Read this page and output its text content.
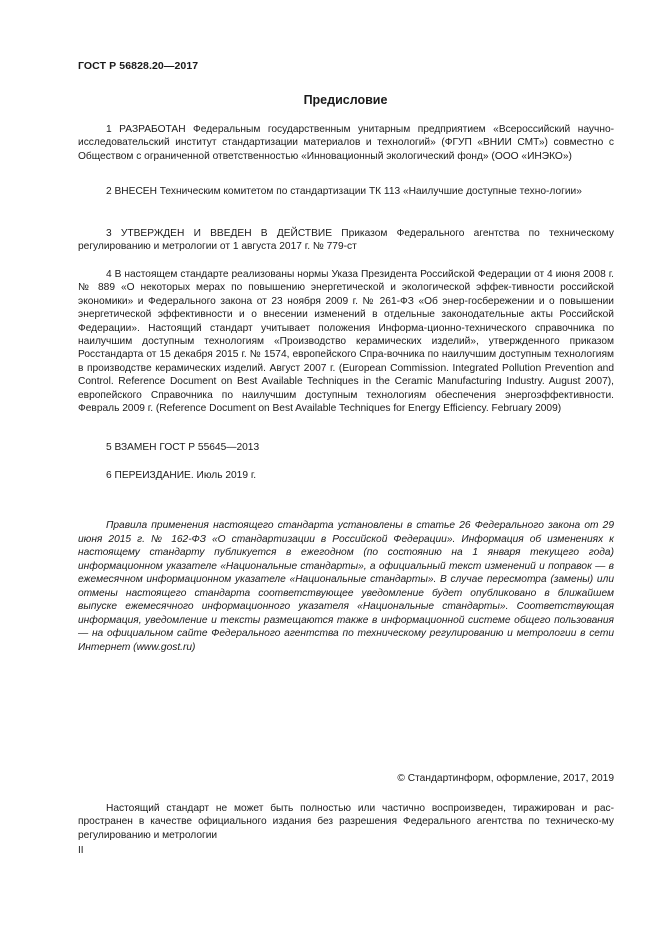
ГОСТ Р 56828.20—2017
Предисловие
1 РАЗРАБОТАН Федеральным государственным унитарным предприятием «Всероссийский научно-исследовательский институт стандартизации материалов и технологий» (ФГУП «ВНИИ СМТ») совместно с Обществом с ограниченной ответственностью «Инновационный экологический фонд» (ООО «ИНЭКО»)
2 ВНЕСЕН Техническим комитетом по стандартизации ТК 113 «Наилучшие доступные техно-логии»
3 УТВЕРЖДЕН И ВВЕДЕН В ДЕЙСТВИЕ Приказом Федерального агентства по техническому регулированию и метрологии от 1 августа 2017 г. № 779-ст
4 В настоящем стандарте реализованы нормы Указа Президента Российской Федерации от 4 июня 2008 г. № 889 «О некоторых мерах по повышению энергетической и экологической эффек-тивности российской экономики» и Федерального закона от 23 ноября 2009 г. № 261-ФЗ «Об энер-госбережении и о повышении энергетической эффективности и о внесении изменений в отдельные законодательные акты Российской Федерации». Настоящий стандарт учитывает положения Информа-ционно-технического справочника по наилучшим доступным технологиям «Производство керамических изделий», утвержденного приказом Росстандарта от 15 декабря 2015 г. № 1574, европейского Спра-вочника по наилучшим доступным технологиям в производстве керамических изделий. Август 2007 г. (European Commission. Integrated Pollution Prevention and Control. Reference Document on Best Available Techniques in the Ceramic Manufacturing Industry. August 2007), европейского Справочника по наилучшим доступным технологиям обеспечения энергоэффективности. Февраль 2009 г. (Reference Document on Best Available Techniques for Energy Efficiency. February 2009)
5 ВЗАМЕН ГОСТ Р 55645—2013
6 ПЕРЕИЗДАНИЕ. Июль 2019 г.
Правила применения настоящего стандарта установлены в статье 26 Федерального закона от 29 июня 2015 г. № 162-ФЗ «О стандартизации в Российской Федерации». Информация об изменениях к настоящему стандарту публикуется в ежегодном (по состоянию на 1 января текущего года) информационном указателе «Национальные стандарты», а официальный текст изменений и поправок — в ежемесячном информационном указателе «Национальные стандарты». В случае пересмотра (замены) или отмены настоящего стандарта соответствующее уведомление будет опубликовано в ближайшем выпуске ежемесячного информационного указателя «Национальные стандарты». Соответствующая информация, уведомление и тексты размещаются также в информационной системе общего пользования — на официальном сайте Федерального агентства по техническому регулированию и метрологии в сети Интернет (www.gost.ru)
© Стандартинформ, оформление, 2017, 2019
Настоящий стандарт не может быть полностью или частично воспроизведен, тиражирован и рас-пространен в качестве официального издания без разрешения Федерального агентства по техническо-му регулированию и метрологии
II
